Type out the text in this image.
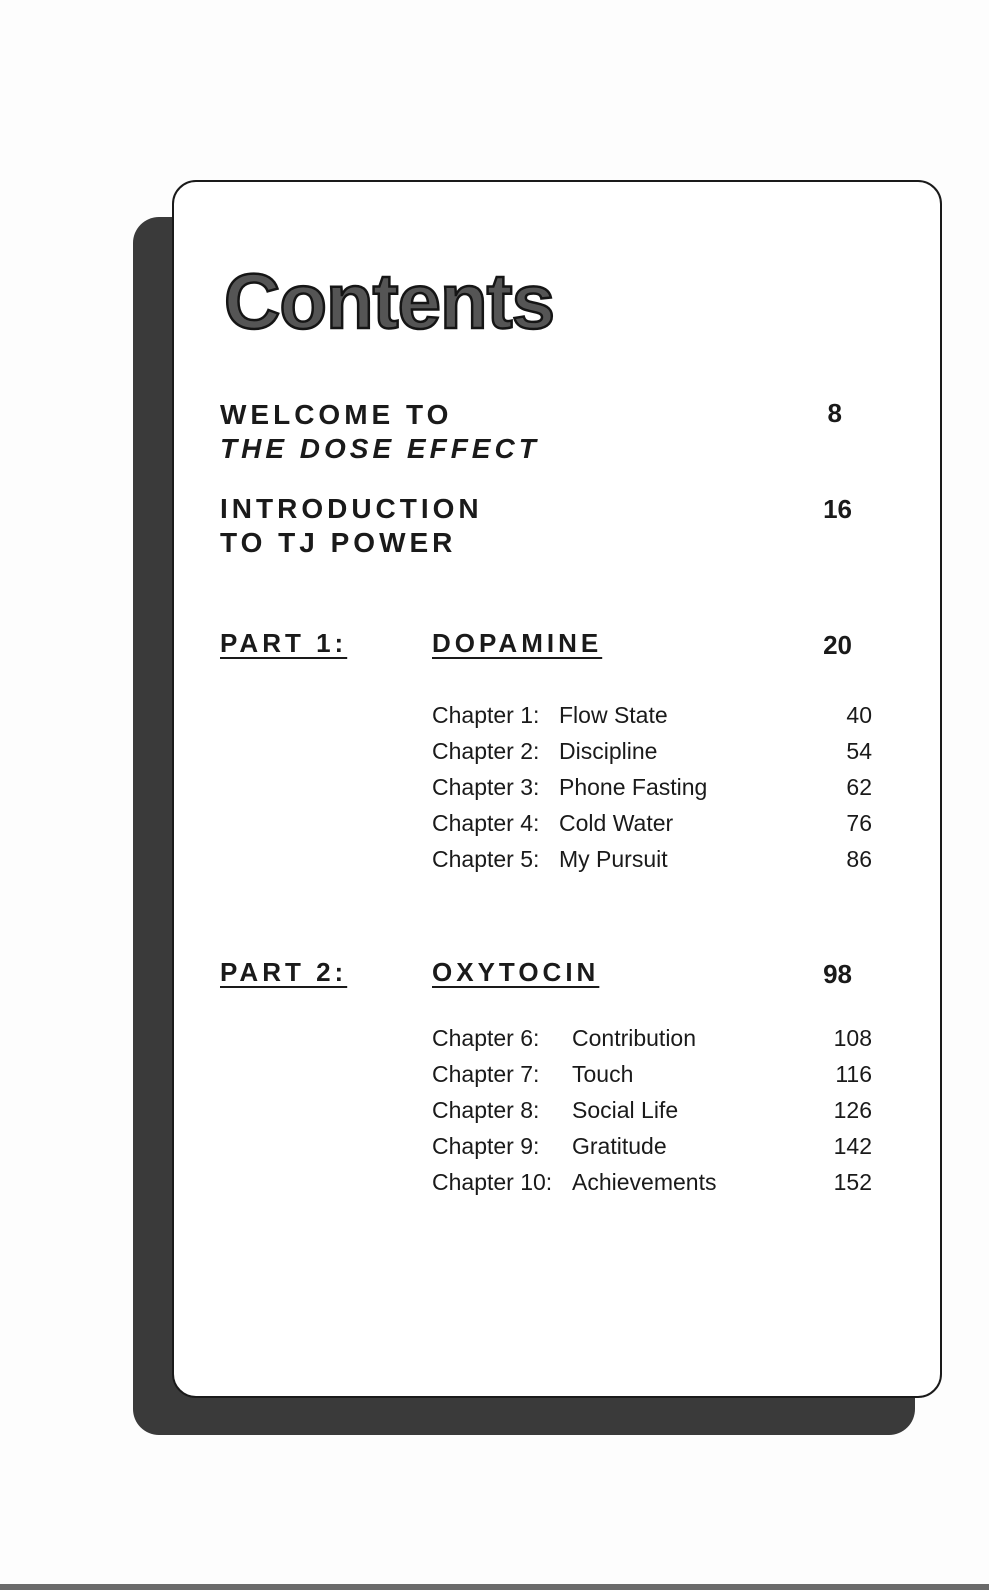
Contents
WELCOME TO
THE DOSE EFFECT
8
INTRODUCTION
TO TJ POWER
16
PART 1:	DOPAMINE	20
Chapter 1: Flow State	40
Chapter 2: Discipline	54
Chapter 3: Phone Fasting	62
Chapter 4: Cold Water	76
Chapter 5: My Pursuit	86
PART 2:	OXYTOCIN	98
Chapter 6: Contribution	108
Chapter 7: Touch	116
Chapter 8: Social Life	126
Chapter 9: Gratitude	142
Chapter 10: Achievements	152
